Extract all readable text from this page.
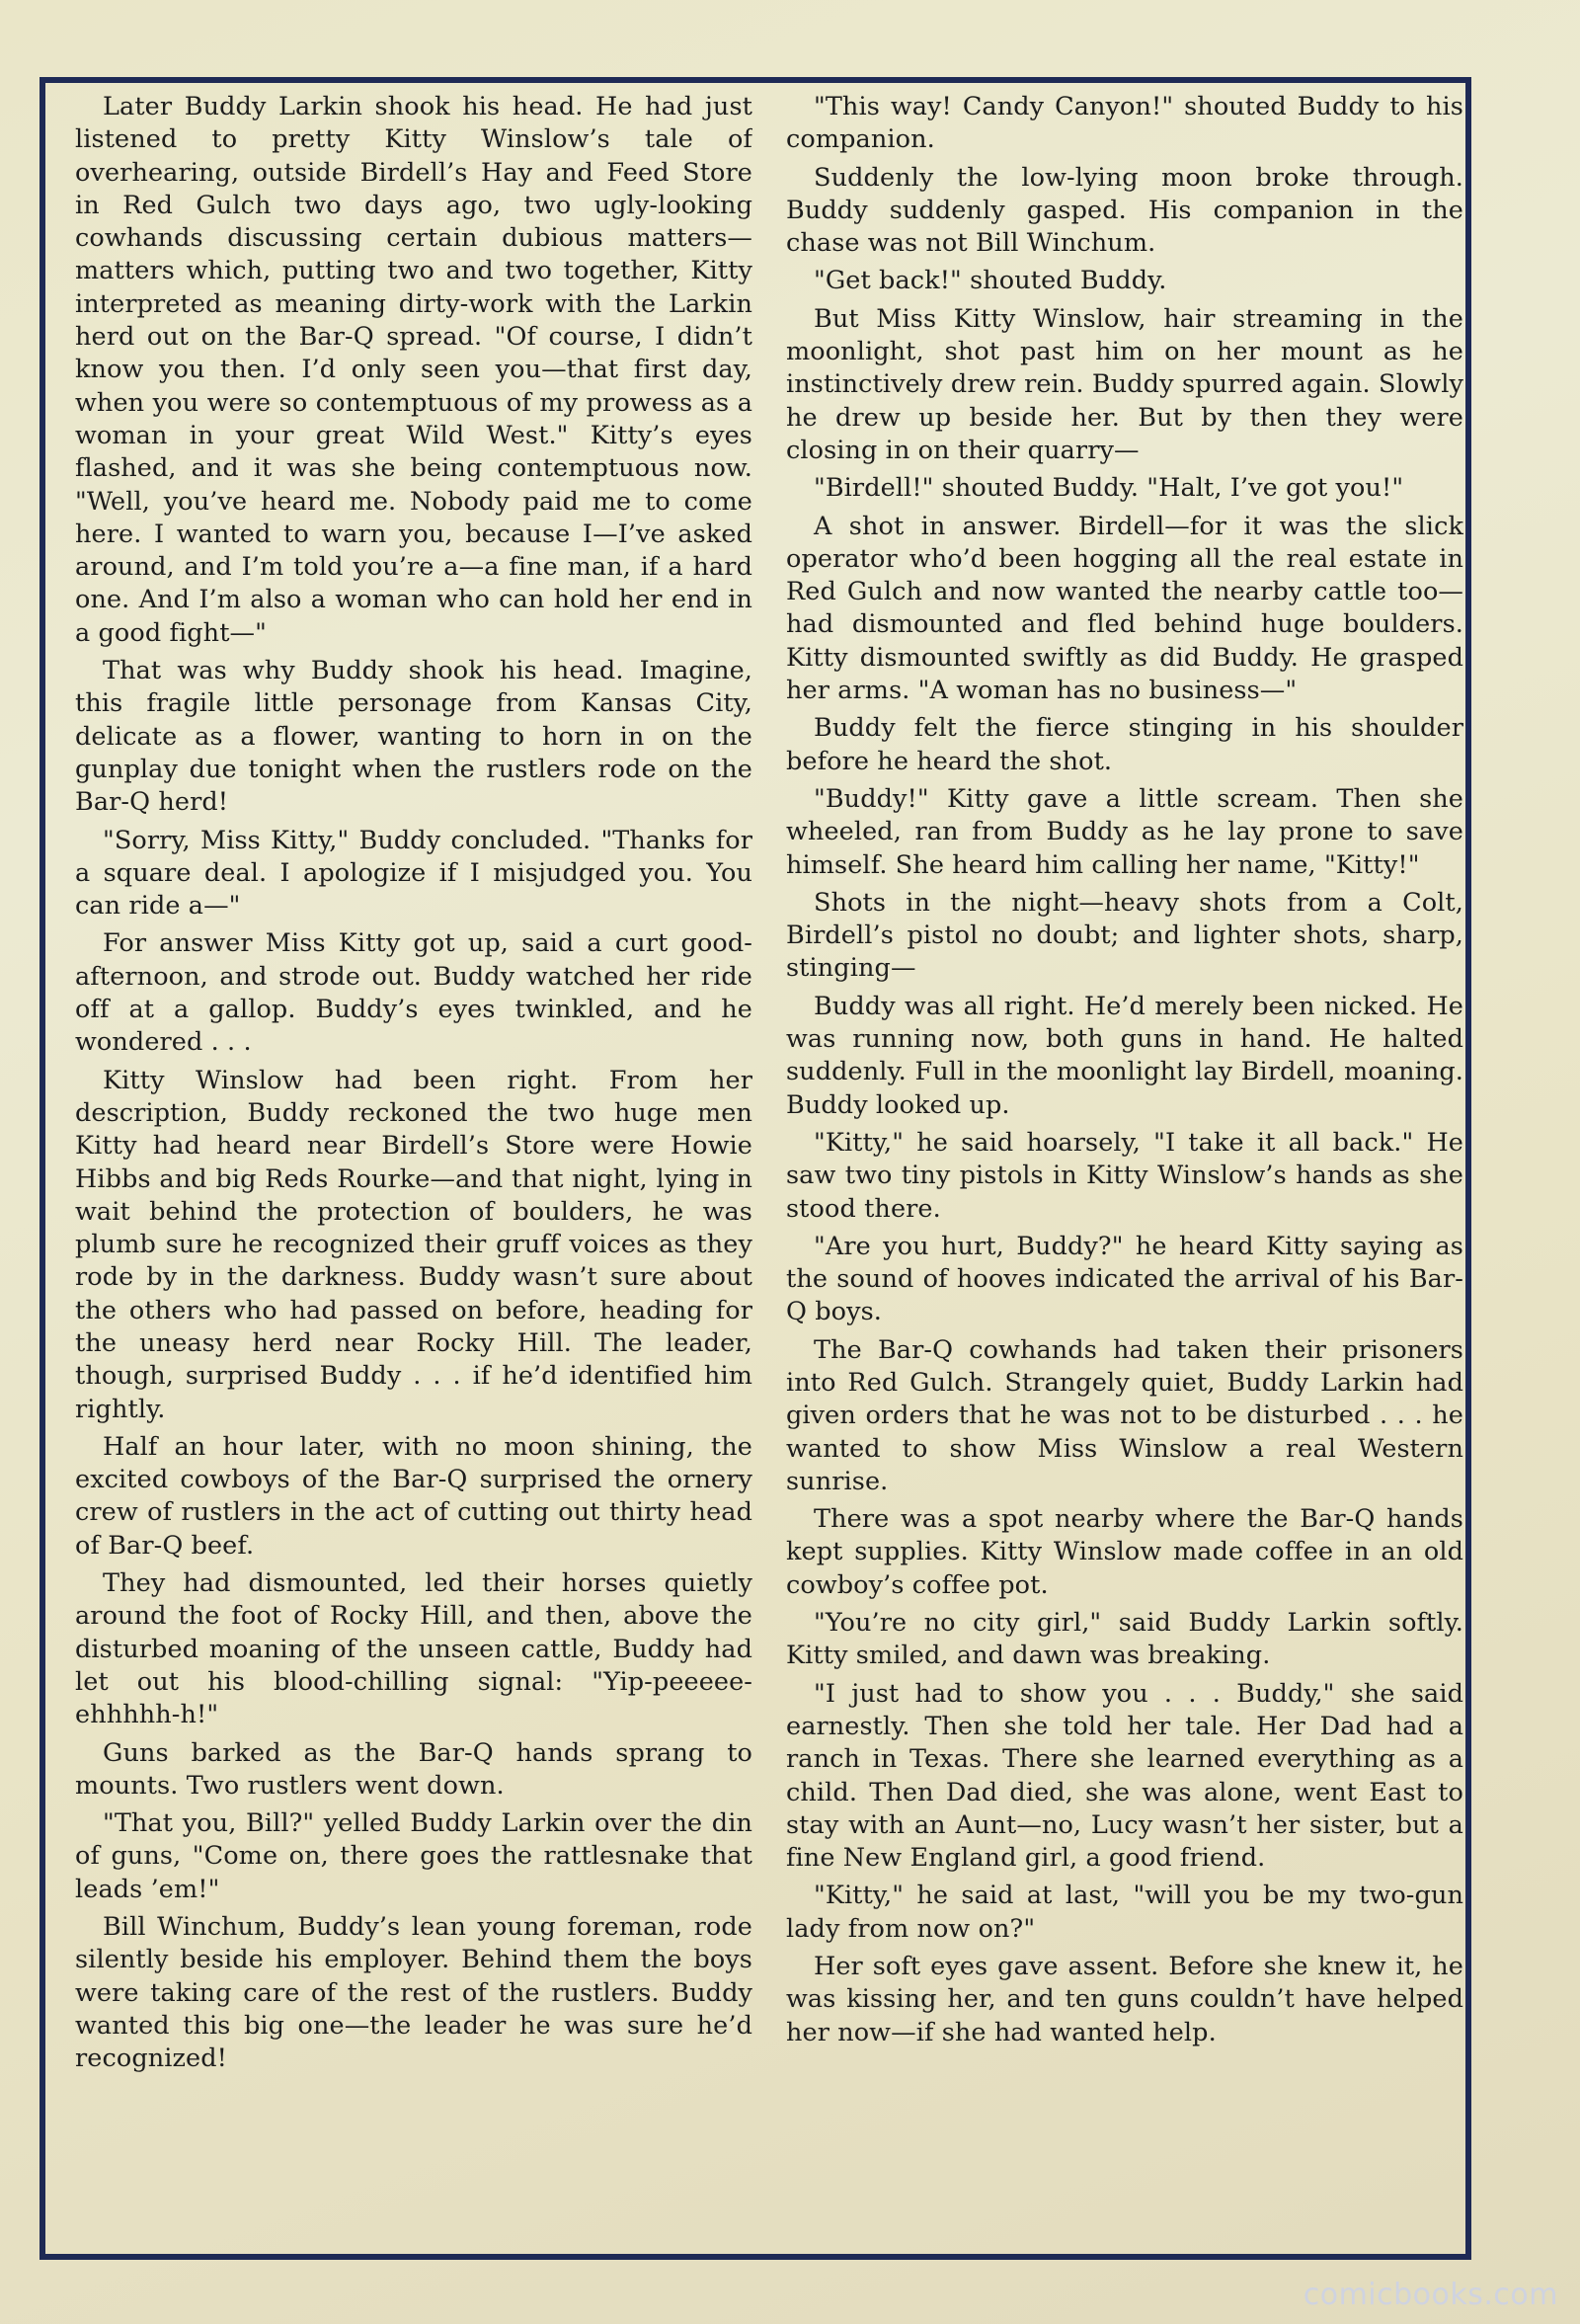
Later Buddy Larkin shook his head. He had just listened to pretty Kitty Winslow’s tale of overhearing, outside Birdell’s Hay and Feed Store in Red Gulch two days ago, two ugly-looking cowhands discussing certain dubious matters—matters which, putting two and two together, Kitty interpreted as meaning dirty-work with the Larkin herd out on the Bar-Q spread. "Of course, I didn’t know you then. I’d only seen you—that first day, when you were so contemptuous of my prowess as a woman in your great Wild West." Kitty’s eyes flashed, and it was she being contemptuous now. "Well, you’ve heard me. Nobody paid me to come here. I wanted to warn you, because I—I’ve asked around, and I’m told you’re a—a fine man, if a hard one. And I’m also a woman who can hold her end in a good fight—"

That was why Buddy shook his head. Imagine, this fragile little personage from Kansas City, delicate as a flower, wanting to horn in on the gunplay due tonight when the rustlers rode on the Bar-Q herd!

"Sorry, Miss Kitty," Buddy concluded. "Thanks for a square deal. I apologize if I misjudged you. You can ride a—"

For answer Miss Kitty got up, said a curt good-afternoon, and strode out. Buddy watched her ride off at a gallop. Buddy’s eyes twinkled, and he wondered . . .

Kitty Winslow had been right. From her description, Buddy reckoned the two huge men Kitty had heard near Birdell’s Store were Howie Hibbs and big Reds Rourke—and that night, lying in wait behind the protection of boulders, he was plumb sure he recognized their gruff voices as they rode by in the darkness. Buddy wasn’t sure about the others who had passed on before, heading for the uneasy herd near Rocky Hill. The leader, though, surprised Buddy . . . if he’d identified him rightly.

Half an hour later, with no moon shining, the excited cowboys of the Bar-Q surprised the ornery crew of rustlers in the act of cutting out thirty head of Bar-Q beef.

They had dismounted, led their horses quietly around the foot of Rocky Hill, and then, above the disturbed moaning of the unseen cattle, Buddy had let out his blood-chilling signal: "Yip-peeeee-ehhhhh-h!"

Guns barked as the Bar-Q hands sprang to mounts. Two rustlers went down.

"That you, Bill?" yelled Buddy Larkin over the din of guns, "Come on, there goes the rattlesnake that leads ’em!"

Bill Winchum, Buddy’s lean young foreman, rode silently beside his employer. Behind them the boys were taking care of the rest of the rustlers. Buddy wanted this big one—the leader he was sure he’d recognized!

"This way! Candy Canyon!" shouted Buddy to his companion.

Suddenly the low-lying moon broke through. Buddy suddenly gasped. His companion in the chase was not Bill Winchum.

"Get back!" shouted Buddy.

But Miss Kitty Winslow, hair streaming in the moonlight, shot past him on her mount as he instinctively drew rein. Buddy spurred again. Slowly he drew up beside her. But by then they were closing in on their quarry—

"Birdell!" shouted Buddy. "Halt, I’ve got you!"

A shot in answer. Birdell—for it was the slick operator who’d been hogging all the real estate in Red Gulch and now wanted the nearby cattle too—had dismounted and fled behind huge boulders. Kitty dismounted swiftly as did Buddy. He grasped her arms. "A woman has no business—"

Buddy felt the fierce stinging in his shoulder before he heard the shot.

"Buddy!" Kitty gave a little scream. Then she wheeled, ran from Buddy as he lay prone to save himself. She heard him calling her name, "Kitty!"

Shots in the night—heavy shots from a Colt, Birdell’s pistol no doubt; and lighter shots, sharp, stinging—

Buddy was all right. He’d merely been nicked. He was running now, both guns in hand. He halted suddenly. Full in the moonlight lay Birdell, moaning. Buddy looked up.

"Kitty," he said hoarsely, "I take it all back." He saw two tiny pistols in Kitty Winslow’s hands as she stood there.

"Are you hurt, Buddy?" he heard Kitty saying as the sound of hooves indicated the arrival of his Bar-Q boys.

The Bar-Q cowhands had taken their prisoners into Red Gulch. Strangely quiet, Buddy Larkin had given orders that he was not to be disturbed . . . he wanted to show Miss Winslow a real Western sunrise.

There was a spot nearby where the Bar-Q hands kept supplies. Kitty Winslow made coffee in an old cowboy’s coffee pot.

"You’re no city girl," said Buddy Larkin softly. Kitty smiled, and dawn was breaking.

"I just had to show you . . . Buddy," she said earnestly. Then she told her tale. Her Dad had a ranch in Texas. There she learned everything as a child. Then Dad died, she was alone, went East to stay with an Aunt—no, Lucy wasn’t her sister, but a fine New England girl, a good friend.

"Kitty," he said at last, "will you be my two-gun lady from now on?"

Her soft eyes gave assent. Before she knew it, he was kissing her, and ten guns couldn’t have helped her now—if she had wanted help.

comicbooks.com
